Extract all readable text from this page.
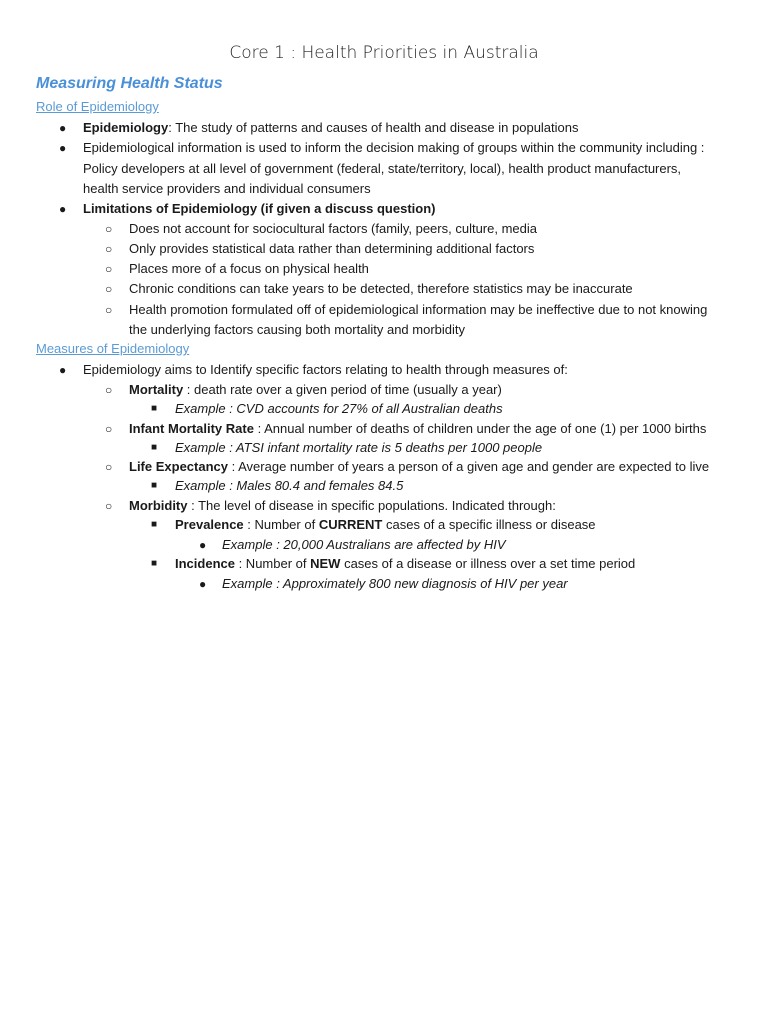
Core 1 : Health Priorities in Australia
Measuring Health Status
Role of Epidemiology
● Epidemiology: The study of patterns and causes of health and disease in populations
● Epidemiological information is used to inform the decision making of groups within the community including :
Policy developers at all level of government (federal, state/territory, local), health product manufacturers,
health service providers and individual consumers
● Limitations of Epidemiology (if given a discuss question)
○ Does not account for sociocultural factors (family, peers, culture, media
○ Only provides statistical data rather than determining additional factors
○ Places more of a focus on physical health
○ Chronic conditions can take years to be detected, therefore statistics may be inaccurate
○ Health promotion formulated off of epidemiological information may be ineffective due to not knowing
the underlying factors causing both mortality and morbidity
Measures of Epidemiology
● Epidemiology aims to Identify specific factors relating to health through measures of:
○ Mortality : death rate over a given period of time (usually a year)
■ Example : CVD accounts for 27% of all Australian deaths
○ Infant Mortality Rate : Annual number of deaths of children under the age of one (1) per 1000 births
■ Example : ATSI infant mortality rate is 5 deaths per 1000 people
○ Life Expectancy : Average number of years a person of a given age and gender are expected to live
■ Example : Males 80.4 and females 84.5
○ Morbidity : The level of disease in specific populations. Indicated through:
■ Prevalence : Number of CURRENT cases of a specific illness or disease
● Example : 20,000 Australians are affected by HIV
■ Incidence : Number of NEW cases of a disease or illness over a set time period
● Example : Approximately 800 new diagnosis of HIV per year
